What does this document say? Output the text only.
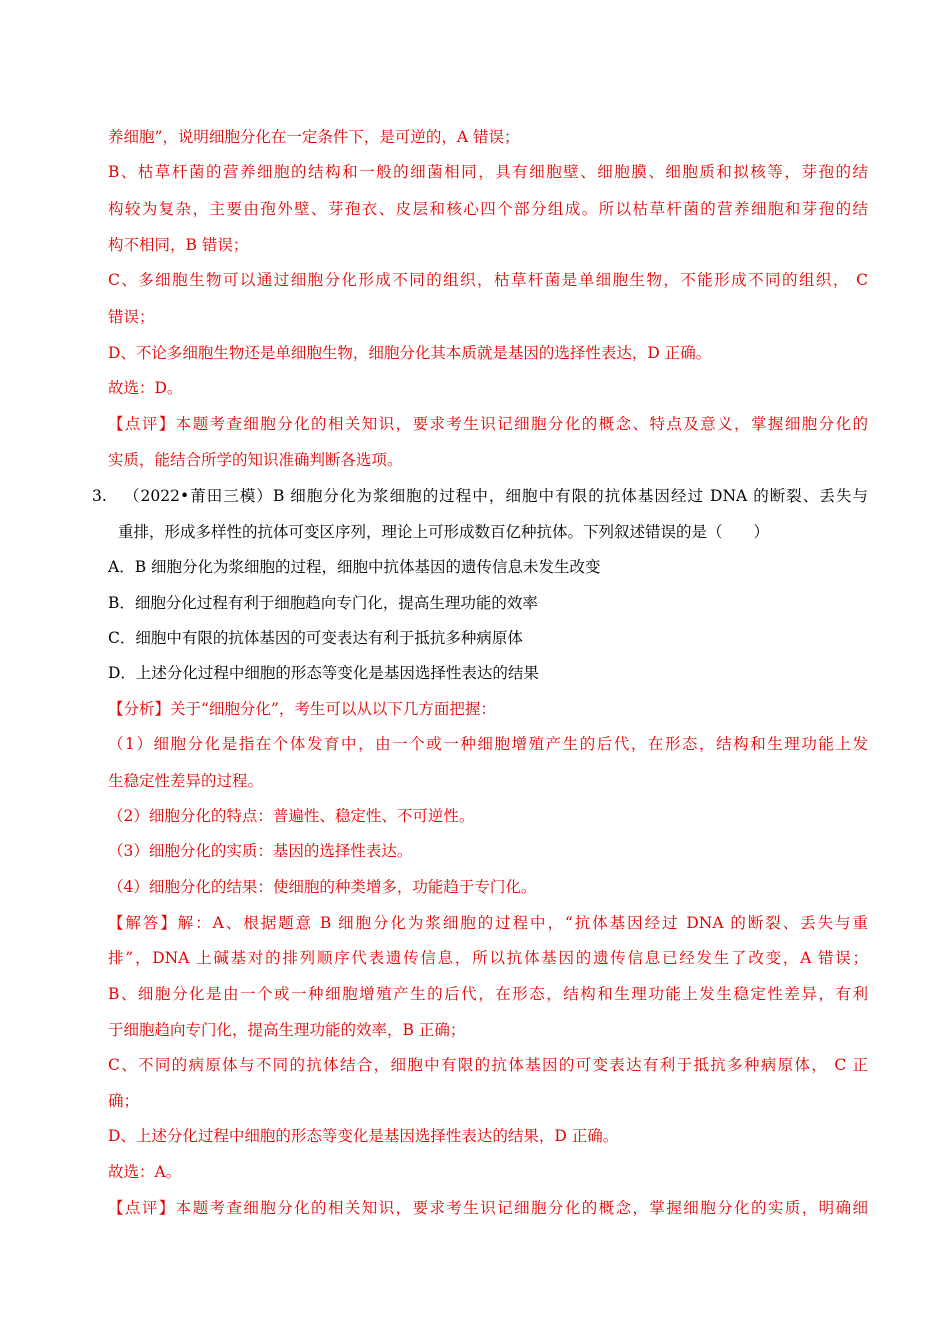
养细胞”，说明细胞分化在一定条件下，是可逆的，A 错误；
B、枯草杆菌的营养细胞的结构和一般的细菌相同，具有细胞壁、细胞膜、细胞质和拟核等，芽孢的结
构较为复杂，主要由孢外壁、芽孢衣、皮层和核心四个部分组成。所以枯草杆菌的营养细胞和芽孢的结
构不相同，B 错误；
C、多细胞生物可以通过细胞分化形成不同的组织，枯草杆菌是单细胞生物，不能形成不同的组织， C
错误；
D、不论多细胞生物还是单细胞生物，细胞分化其本质就是基因的选择性表达，D 正确。
故选：D。
【点评】本题考查细胞分化的相关知识，要求考生识记细胞分化的概念、特点及意义，掌握细胞分化的
实质，能结合所学的知识准确判断各选项。
3. （2022•莆田三模）B 细胞分化为浆细胞的过程中，细胞中有限的抗体基因经过 DNA 的断裂、丢失与
重排，形成多样性的抗体可变区序列，理论上可形成数百亿种抗体。下列叙述错误的是（　　）
A．B 细胞分化为浆细胞的过程，细胞中抗体基因的遗传信息未发生改变
B．细胞分化过程有利于细胞趋向专门化，提高生理功能的效率
C．细胞中有限的抗体基因的可变表达有利于抵抗多种病原体
D．上述分化过程中细胞的形态等变化是基因选择性表达的结果
【分析】关于“细胞分化”，考生可以从以下几方面把握：
（1）细胞分化是指在个体发育中，由一个或一种细胞增殖产生的后代，在形态，结构和生理功能上发
生稳定性差异的过程。
（2）细胞分化的特点：普遍性、稳定性、不可逆性。
（3）细胞分化的实质：基因的选择性表达。
（4）细胞分化的结果：使细胞的种类增多，功能趋于专门化。
【解答】解：A、根据题意 B 细胞分化为浆细胞的过程中，“抗体基因经过 DNA 的断裂、丢失与重
排”，DNA 上碱基对的排列顺序代表遗传信息，所以抗体基因的遗传信息已经发生了改变，A 错误；
B、细胞分化是由一个或一种细胞增殖产生的后代，在形态，结构和生理功能上发生稳定性差异，有利
于细胞趋向专门化，提高生理功能的效率，B 正确；
C、不同的病原体与不同的抗体结合，细胞中有限的抗体基因的可变表达有利于抵抗多种病原体， C 正
确；
D、上述分化过程中细胞的形态等变化是基因选择性表达的结果，D 正确。
故选：A。
【点评】本题考查细胞分化的相关知识，要求考生识记细胞分化的概念，掌握细胞分化的实质，明确细
